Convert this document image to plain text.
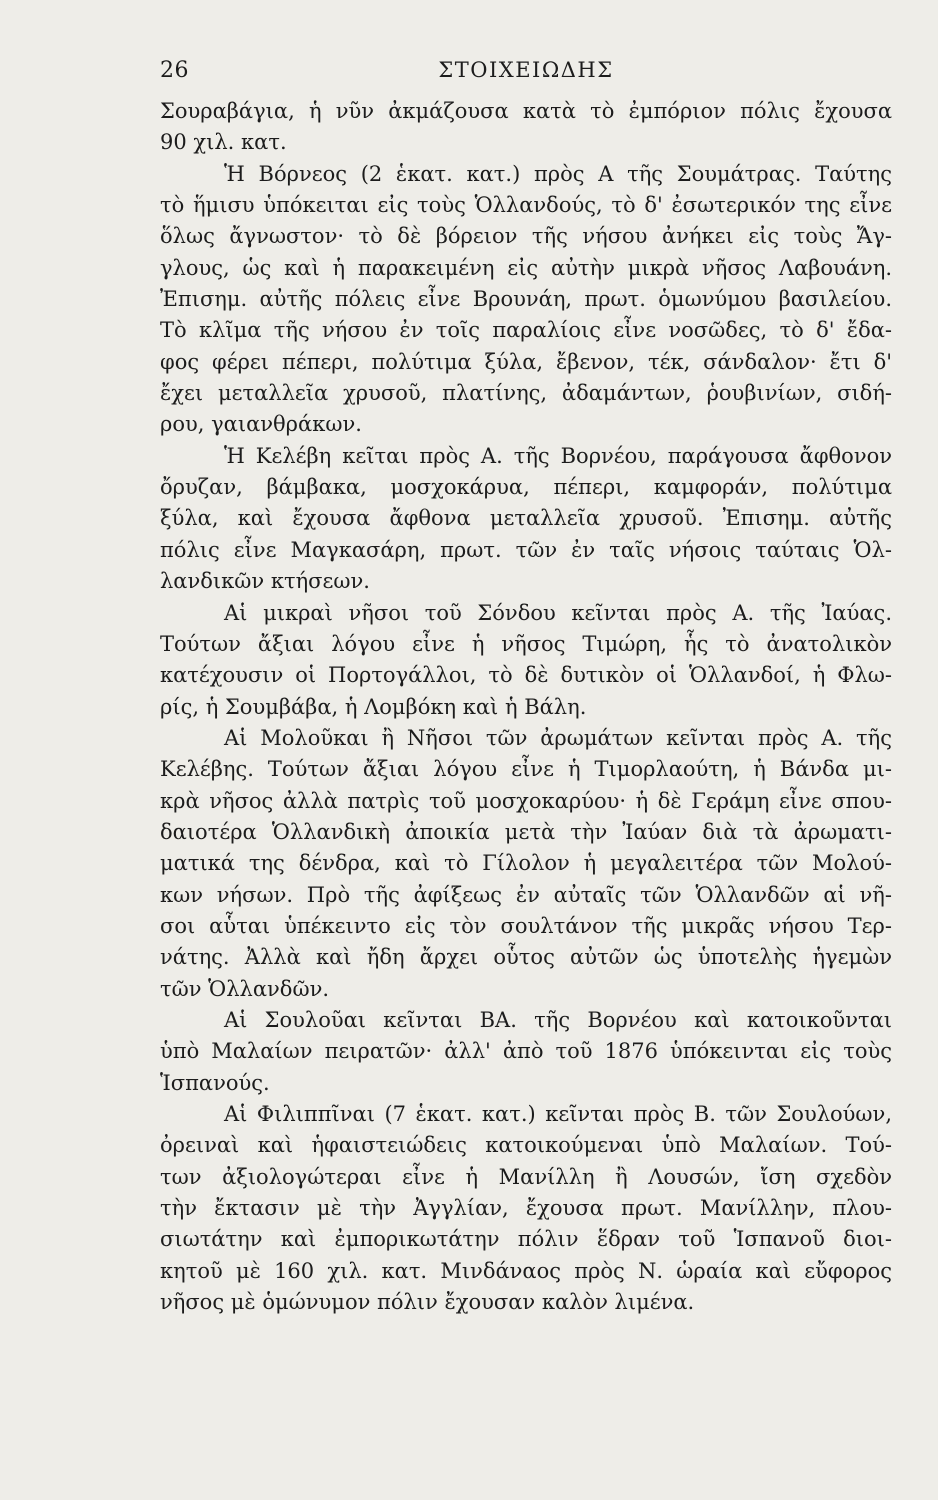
26	ΣΤΟΙΧΕΙΩΔΗΣ
Σουραβάγια, ἡ νῦν ἀκμάζουσα κατὰ τὸ ἐμπόριον πόλις ἔχουσα
90 χιλ. κατ.
Ἡ Βόρνεος (2 ἑκατ. κατ.) πρὸς Α τῆς Σουμάτρας. Ταύτης
τὸ ἥμισυ ὑπόκειται εἰς τοὺς Ὁλλανδούς, τὸ δ' ἐσωτερικόν της εἶνε
ὅλως ἄγνωστον· τὸ δὲ βόρειον τῆς νήσου ἀνήκει εἰς τοὺς Ἄγ-
γλους, ὡς καὶ ἡ παρακειμένη εἰς αὐτὴν μικρὰ νῆσος Λαβουάνη.
Ἐπισημ. αὐτῆς πόλεις εἶνε Βρουνάη, πρωτ. ὁμωνύμου βασιλείου.
Τὸ κλῖμα τῆς νήσου ἐν τοῖς παραλίοις εἶνε νοσῶδες, τὸ δ' ἔδα-
φος φέρει πέπερι, πολύτιμα ξύλα, ἔβενον, τέκ, σάνδαλον· ἔτι δ'
ἔχει μεταλλεῖα χρυσοῦ, πλατίνης, ἀδαμάντων, ῥουβινίων, σιδή-
ρου, γαιανθράκων.
Ἡ Κελέβη κεῖται πρὸς Α. τῆς Βορνέου, παράγουσα ἄφθονον
ὄρυζαν, βάμβακα, μοσχοκάρυα, πέπερι, καμφοράν, πολύτιμα
ξύλα, καὶ ἔχουσα ἄφθονα μεταλλεῖα χρυσοῦ. Ἐπισημ. αὐτῆς
πόλις εἶνε Μαγκασάρη, πρωτ. τῶν ἐν ταῖς νήσοις ταύταις Ὁλ-
λανδικῶν κτήσεων.
Αἱ μικραὶ νῆσοι τοῦ Σόνδου κεῖνται πρὸς Α. τῆς Ἰαύας.
Τούτων ἄξιαι λόγου εἶνε ἡ νῆσος Τιμώρη, ἧς τὸ ἀνατολικὸν
κατέχουσιν οἱ Πορτογάλλοι, τὸ δὲ δυτικὸν οἱ Ὁλλανδοί, ἡ Φλω-
ρίς, ἡ Σουμβάβα, ἡ Λομβόκη καὶ ἡ Βάλη.
Αἱ Μολοῦκαι ἢ Νῆσοι τῶν ἀρωμάτων κεῖνται πρὸς Α. τῆς
Κελέβης. Τούτων ἄξιαι λόγου εἶνε ἡ Τιμορλαούτη, ἡ Βάνδα μι-
κρὰ νῆσος ἀλλὰ πατρὶς τοῦ μοσχοκαρύου· ἡ δὲ Γεράμη εἶνε σπου-
δαιοτέρα Ὁλλανδικὴ ἀποικία μετὰ τὴν Ἰαύαν διὰ τὰ ἀρωματι-
ματικά της δένδρα, καὶ τὸ Γίλολον ἡ μεγαλειτέρα τῶν Μολού-
κων νήσων. Πρὸ τῆς ἀφίξεως ἐν αὐταῖς τῶν Ὁλλανδῶν αἱ νῆ-
σοι αὗται ὑπέκειντο εἰς τὸν σουλτάνον τῆς μικρᾶς νήσου Τερ-
νάτης. Ἀλλὰ καὶ ἤδη ἄρχει οὗτος αὐτῶν ὡς ὑποτελὴς ἡγεμὼν
τῶν Ὁλλανδῶν.
Αἱ Σουλοῦαι κεῖνται ΒΑ. τῆς Βορνέου καὶ κατοικοῦνται
ὑπὸ Μαλαίων πειρατῶν· ἀλλ' ἀπὸ τοῦ 1876 ὑπόκεινται εἰς τοὺς
Ἱσπανούς.
Αἱ Φιλιππῖναι (7 ἑκατ. κατ.) κεῖνται πρὸς Β. τῶν Σουλούων,
ὀρειναὶ καὶ ἡφαιστειώδεις κατοικούμεναι ὑπὸ Μαλαίων. Τού-
των ἀξιολογώτεραι εἶνε ἡ Μανίλλη ἢ Λουσών, ἴση σχεδὸν
τὴν ἔκτασιν μὲ τὴν Ἀγγλίαν, ἔχουσα πρωτ. Μανίλλην, πλου-
σιωτάτην καὶ ἐμπορικωτάτην πόλιν ἕδραν τοῦ Ἱσπανοῦ διοι-
κητοῦ μὲ 160 χιλ. κατ. Μινδάναος πρὸς Ν. ὡραία καὶ εὔφορος
νῆσος μὲ ὁμώνυμον πόλιν ἔχουσαν καλὸν λιμένα.
